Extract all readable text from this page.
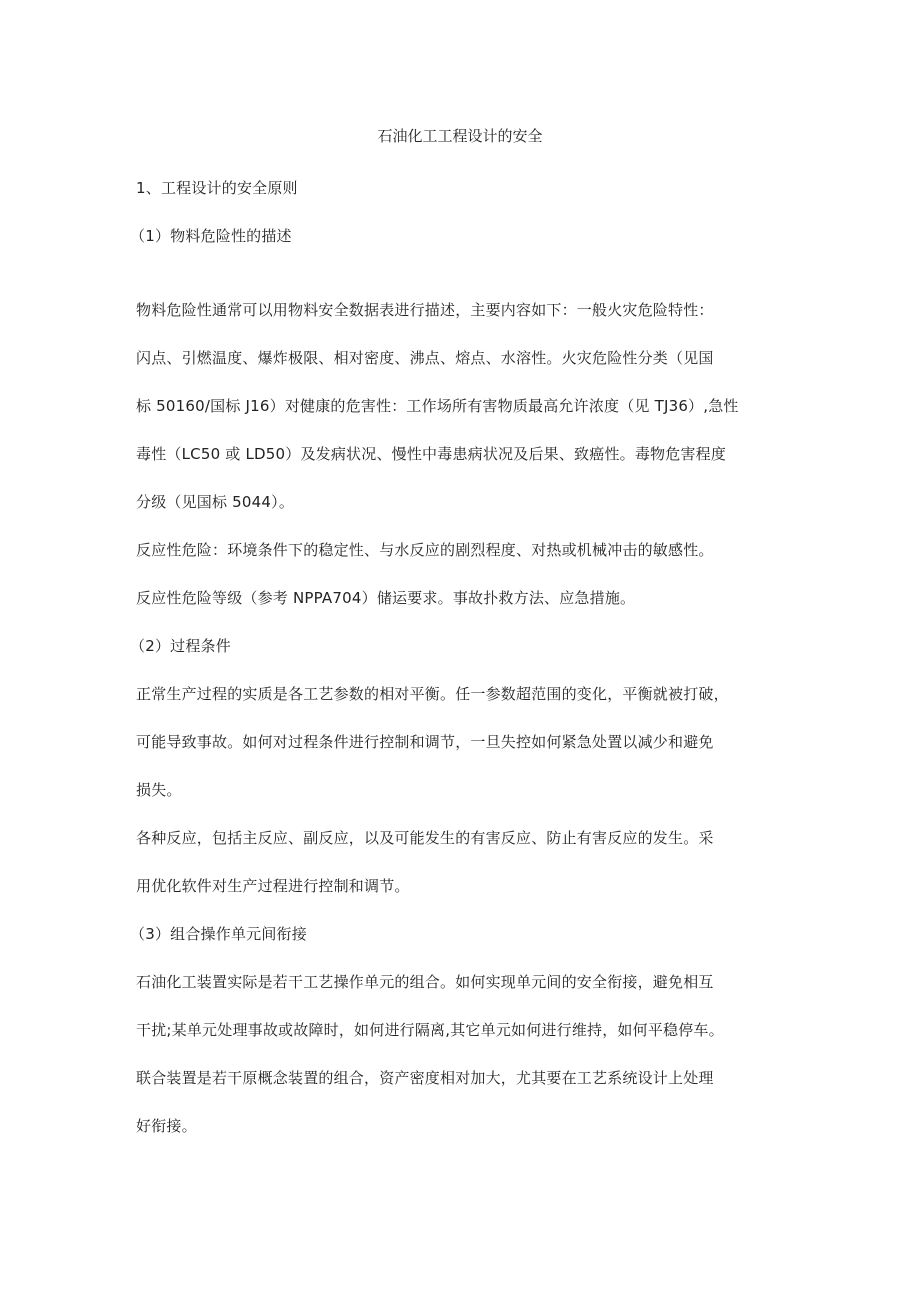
石油化工工程设计的安全
1、工程设计的安全原则
（1）物料危险性的描述
物料危险性通常可以用物料安全数据表进行描述，主要内容如下：一般火灾危险特性：
闪点、引燃温度、爆炸极限、相对密度、沸点、熔点、水溶性。火灾危险性分类（见国
标 50160/国标 J16）对健康的危害性：工作场所有害物质最高允许浓度（见 TJ36）,急性
毒性（LC50 或 LD50）及发病状况、慢性中毒患病状况及后果、致癌性。毒物危害程度
分级（见国标 5044）。
反应性危险：环境条件下的稳定性、与水反应的剧烈程度、对热或机械冲击的敏感性。
反应性危险等级（参考 NPPA704）储运要求。事故扑救方法、应急措施。
（2）过程条件
正常生产过程的实质是各工艺参数的相对平衡。任一参数超范围的变化，平衡就被打破，
可能导致事故。如何对过程条件进行控制和调节，一旦失控如何紧急处置以减少和避免
损失。
各种反应，包括主反应、副反应，以及可能发生的有害反应、防止有害反应的发生。采
用优化软件对生产过程进行控制和调节。
（3）组合操作单元间衔接
石油化工装置实际是若干工艺操作单元的组合。如何实现单元间的安全衔接，避免相互
干扰;某单元处理事故或故障时，如何进行隔离,其它单元如何进行维持，如何平稳停车。
联合装置是若干原概念装置的组合，资产密度相对加大，尤其要在工艺系统设计上处理
好衔接。
